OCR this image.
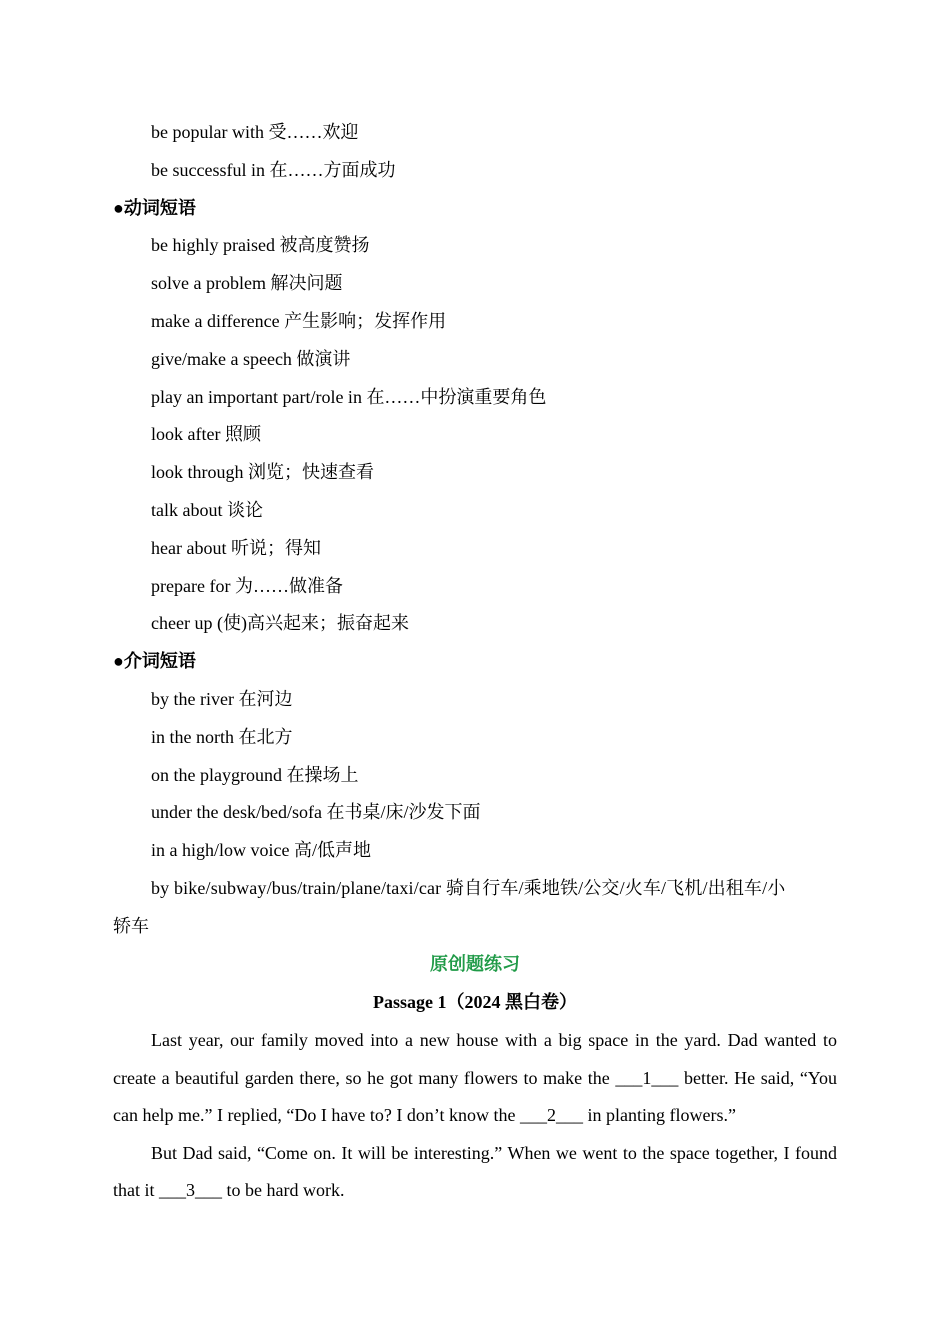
be popular with 受……欢迎
be successful in 在……方面成功
●动词短语
be highly praised 被高度赞扬
solve a problem 解决问题
make a difference 产生影响；发挥作用
give/make a speech 做演讲
play an important part/role in 在……中扮演重要角色
look after 照顾
look through 浏览；快速查看
talk about 谈论
hear about 听说；得知
prepare for 为……做准备
cheer up (使)高兴起来；振奋起来
●介词短语
by the river 在河边
in the north 在北方
on the playground 在操场上
under the desk/bed/sofa 在书桌/床/沙发下面
in a high/low voice 高/低声地
by bike/subway/bus/train/plane/taxi/car 骑自行车/乘地铁/公交/火车/飞机/出租车/小
轿车
原创题练习
Passage 1（2024 黑白卷）

Last year, our family moved into a new house with a big space in the yard. Dad wanted to create a beautiful garden there, so he got many flowers to make the ___1___ better. He said, “You can help me.” I replied, “Do I have to? I don’t know the ___2___ in planting flowers.”

But Dad said, “Come on. It will be interesting.” When we went to the space together, I found that it ___3___ to be hard work.
